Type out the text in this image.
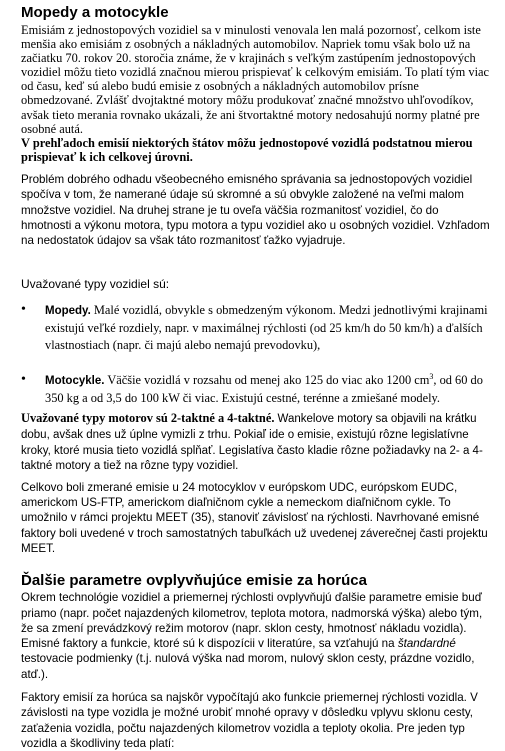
Mopedy a motocykle

Emisiám z jednostopových vozidiel sa v minulosti venovala len malá pozornosť, celkom iste menšia ako emisiám z osobných a nákladných automobilov. Napriek tomu však bolo už na začiatku 70. rokov 20. storočia známe, že v krajinách s veľkým zastúpením jednostopových vozidiel môžu tieto vozidlá značnou mierou prispievať k celkovým emisiám. To platí tým viac od času, keď sú alebo budú emisie z osobných a nákladných automobilov prísne obmedzované. Zvlášť dvojtaktné motory môžu produkovať značné množstvo uhľovodíkov, avšak tieto merania rovnako ukázali, že ani štvortaktné motory nedosahujú normy platné pre osobné autá.

V prehľadoch emisií niektorých štátov môžu jednostopové vozidlá podstatnou mierou prispievať k ich celkovej úrovni.

Problém dobrého odhadu všeobecného emisného správania sa jednostopových vozidiel spočíva v tom, že namerané údaje sú skromné a sú obvykle založené na veľmi malom množstve vozidiel. Na druhej strane je tu oveľa väčšia rozmanitosť vozidiel, čo do hmotnosti a výkonu motora, typu motora a typu vozidiel ako u osobných vozidiel. Vzhľadom na nedostatok údajov sa však táto rozmanitosť ťažko vyjadruje.

Uvažované typy vozidiel sú:

• Mopedy. Malé vozidlá, obvykle s obmedzeným výkonom. Medzi jednotlivými krajinami existujú veľké rozdiely, napr. v maximálnej rýchlosti (od 25 km/h do 50 km/h) a ďalších vlastnostiach (napr. či majú alebo nemajú prevodovku),
• Motocykle. Väčšie vozidlá v rozsahu od menej ako 125 do viac ako 1200 $cm^3$, od 60 do 350 kg a od 3,5 do 100 kW či viac. Existujú cestné, terénne a zmiešané modely.

Uvažované typy motorov sú 2-taktné a 4-taktné. Wankelove motory sa objavili na krátku dobu, avšak dnes už úplne vymizli z trhu. Pokiaľ ide o emisie, existujú rôzne legislatívne kroky, ktoré musia tieto vozidlá splňať. Legislatíva často kladie rôzne požiadavky na 2- a 4-taktné motory a tiež na rôzne typy vozidiel.

Celkovo boli zmerané emisie u 24 motocyklov v európskom UDC, európskom EUDC, americkom US-FTP, americkom diaľničnom cykle a nemeckom diaľničnom cykle. To umožnilo v rámci projektu MEET (35), stanoviť závislosť na rýchlosti. Navrhované emisné faktory boli uvedené v troch samostatných tabuľkách už uvedenej záverečnej časti projektu MEET.

Ďalšie parametre ovplyvňujúce emisie za horúca

Okrem technológie vozidiel a priemernej rýchlosti ovplyvňujú ďalšie parametre emisie buď priamo (napr. počet najazdených kilometrov, teplota motora, nadmorská výška) alebo tým, že sa zmení prevádzkový režim motorov (napr. sklon cesty, hmotnosť nákladu vozidla). Emisné faktory a funkcie, ktoré sú k dispozícii v literatúre, sa vzťahujú na štandardné testovacie podmienky (t.j. nulová výška nad morom, nulový sklon cesty, prázdne vozidlo, atď.).

Faktory emisií za horúca sa najskôr vypočítajú ako funkcie priemernej rýchlosti vozidla. V závislosti na type vozidla je možné urobiť mnohé opravy v dôsledku vplyvu sklonu cesty, zaťaženia vozidla, počtu najazdených kilometrov vozidla a teploty okolia. Pre jeden typ vozidla a škodliviny teda platí:
